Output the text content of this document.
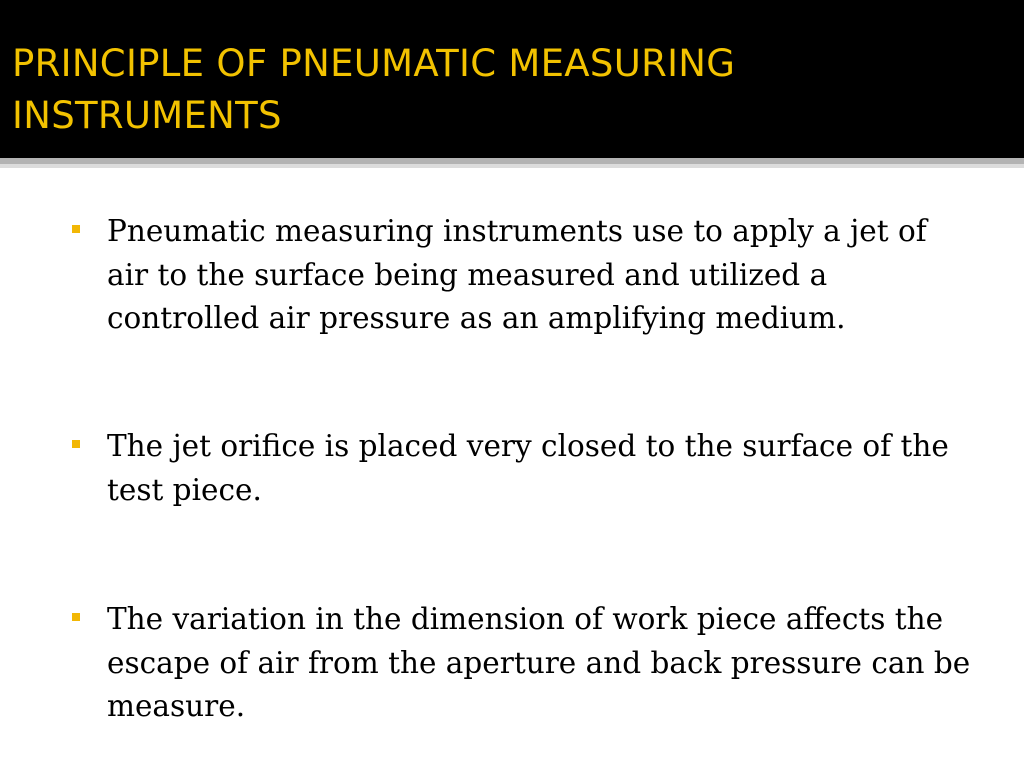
PRINCIPLE OF PNEUMATIC MEASURING INSTRUMENTS
Pneumatic measuring instruments use to apply a jet of air to the surface being measured and utilized a controlled air pressure as an amplifying medium.
The jet orifice is placed very closed to the surface of the test piece.
The variation in the dimension of work piece affects the escape of air from the aperture and back pressure can be measure.
